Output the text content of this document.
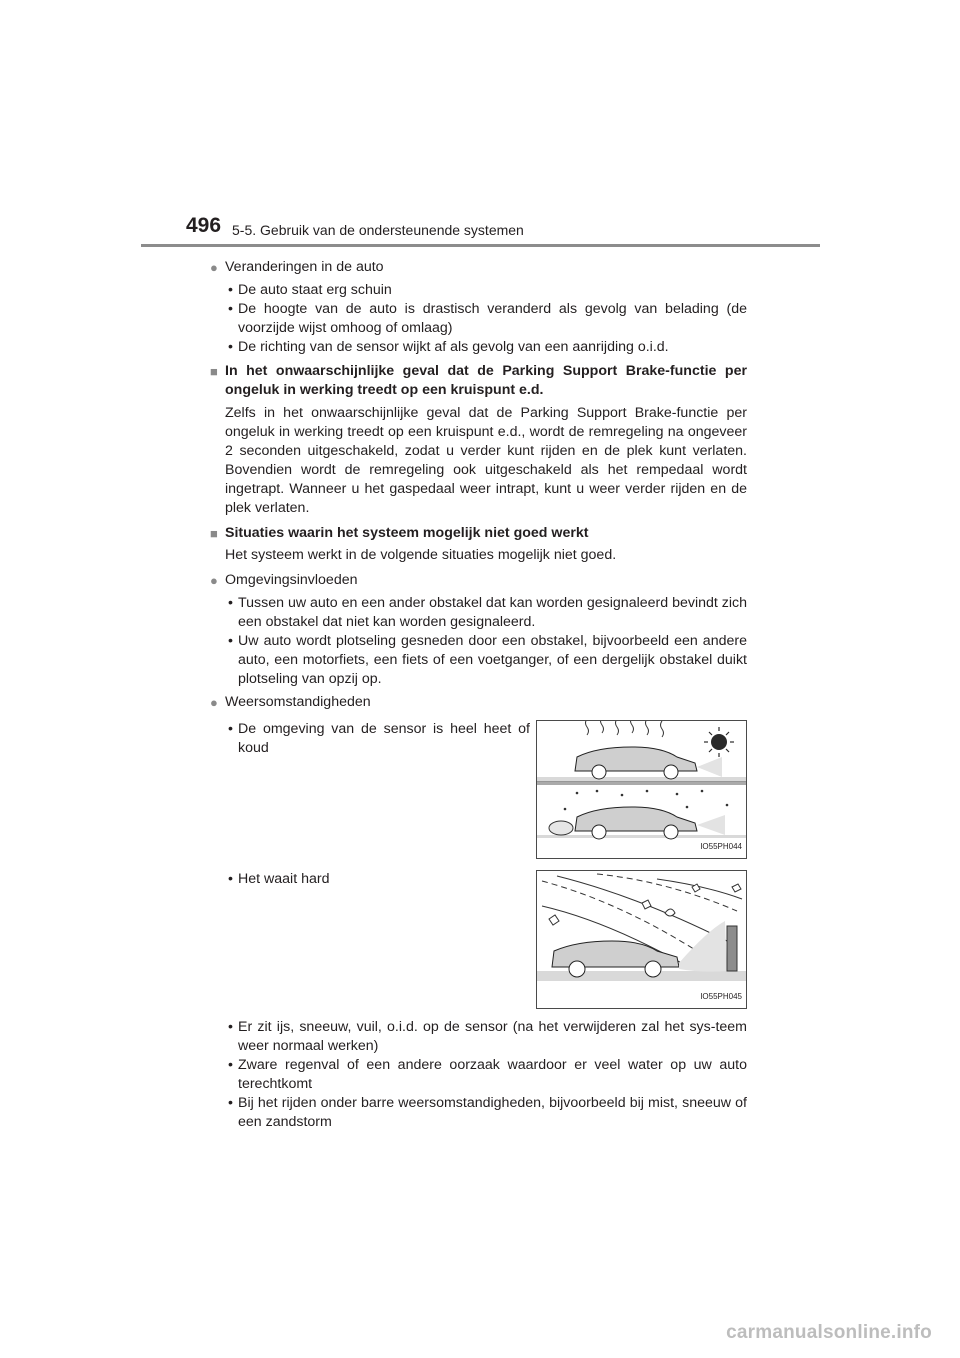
496 5-5. Gebruik van de ondersteunende systemen
● Veranderingen in de auto
• De auto staat erg schuin
• De hoogte van de auto is drastisch veranderd als gevolg van belading (de voorzijde wijst omhoog of omlaag)
• De richting van de sensor wijkt af als gevolg van een aanrijding o.i.d.
■ In het onwaarschijnlijke geval dat de Parking Support Brake-functie per ongeluk in werking treedt op een kruispunt e.d.
Zelfs in het onwaarschijnlijke geval dat de Parking Support Brake-functie per ongeluk in werking treedt op een kruispunt e.d., wordt de remregeling na ongeveer 2 seconden uitgeschakeld, zodat u verder kunt rijden en de plek kunt verlaten. Bovendien wordt de remregeling ook uitgeschakeld als het rempedaal wordt ingetrapt. Wanneer u het gaspedaal weer intrapt, kunt u weer verder rijden en de plek verlaten.
■ Situaties waarin het systeem mogelijk niet goed werkt
Het systeem werkt in de volgende situaties mogelijk niet goed.
● Omgevingsinvloeden
• Tussen uw auto en een ander obstakel dat kan worden gesignaleerd bevindt zich een obstakel dat niet kan worden gesignaleerd.
• Uw auto wordt plotseling gesneden door een obstakel, bijvoorbeeld een andere auto, een motorfiets, een fiets of een voetganger, of een dergelijk obstakel duikt plotseling van opzij op.
● Weersomstandigheden
• De omgeving van de sensor is heel heet of koud
IO55PH044
• Het waait hard
IO55PH045
• Er zit ijs, sneeuw, vuil, o.i.d. op de sensor (na het verwijderen zal het sys-teem weer normaal werken)
• Zware regenval of een andere oorzaak waardoor er veel water op uw auto terechtkomt
• Bij het rijden onder barre weersomstandigheden, bijvoorbeeld bij mist, sneeuw of een zandstorm
carmanualsonline.info
